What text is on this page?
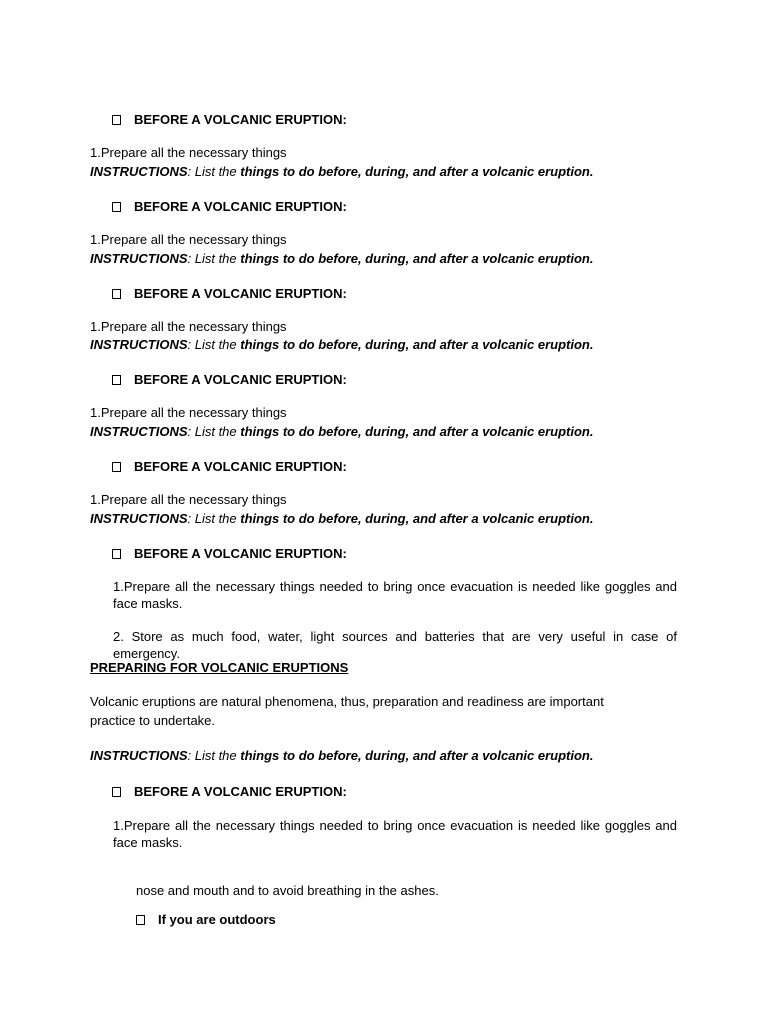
BEFORE A VOLCANIC ERUPTION:
1.Prepare all the necessary things
INSTRUCTIONS: List the things to do before, during, and after a volcanic eruption.
BEFORE A VOLCANIC ERUPTION:
1.Prepare all the necessary things
INSTRUCTIONS: List the things to do before, during, and after a volcanic eruption.
BEFORE A VOLCANIC ERUPTION:
1.Prepare all the necessary things
INSTRUCTIONS: List the things to do before, during, and after a volcanic eruption.
BEFORE A VOLCANIC ERUPTION:
1.Prepare all the necessary things
INSTRUCTIONS: List the things to do before, during, and after a volcanic eruption.
BEFORE A VOLCANIC ERUPTION:
1.Prepare all the necessary things
INSTRUCTIONS: List the things to do before, during, and after a volcanic eruption.
BEFORE A VOLCANIC ERUPTION:
1.Prepare all the necessary things needed to bring once evacuation is needed like goggles and face masks.
2. Store as much food, water, light sources and batteries that are very useful in case of emergency.
PREPARING FOR VOLCANIC ERUPTIONS
Volcanic eruptions are natural phenomena, thus, preparation and readiness are important practice to undertake.
INSTRUCTIONS: List the things to do before, during, and after a volcanic eruption.
BEFORE A VOLCANIC ERUPTION:
1.Prepare all the necessary things needed to bring once evacuation is needed like goggles and face masks.
nose and mouth and to avoid breathing in the ashes.
If you are outdoors
